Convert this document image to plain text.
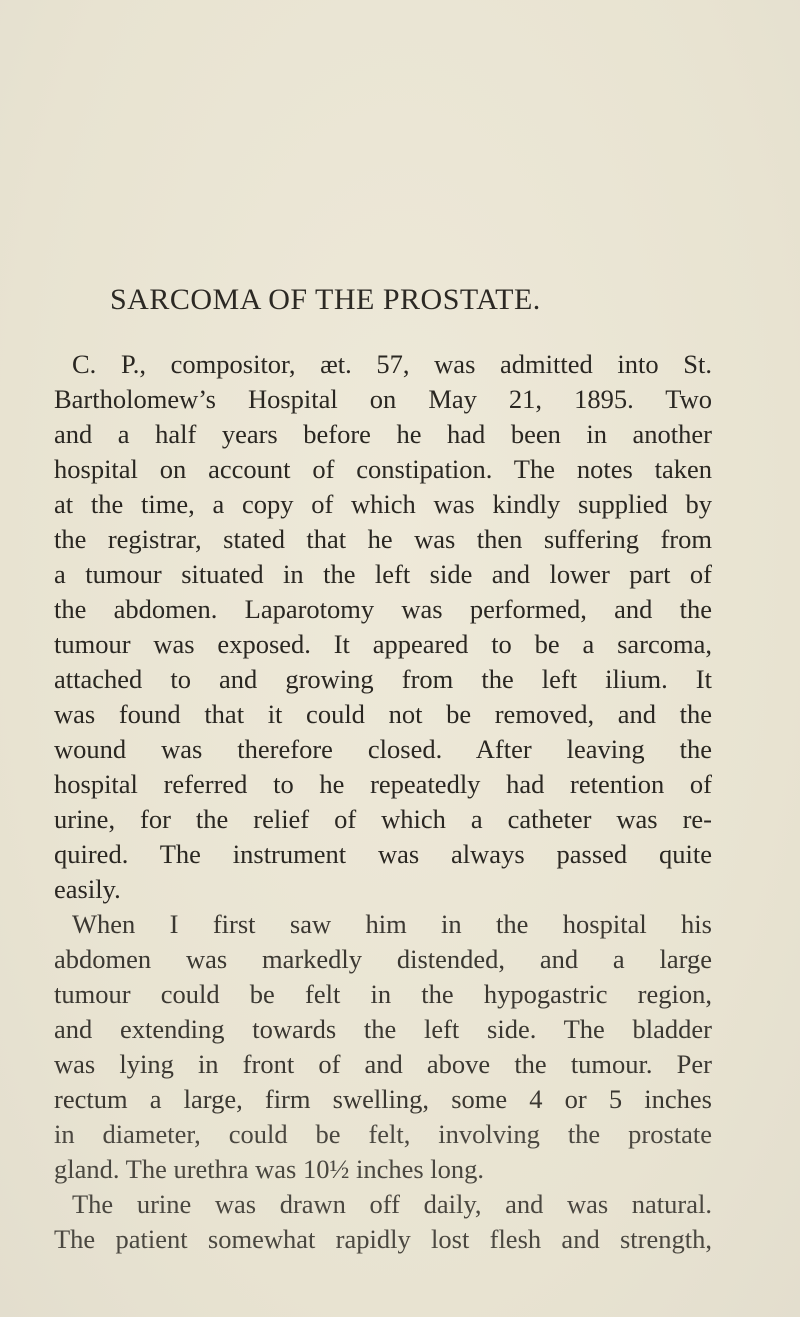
SARCOMA OF THE PROSTATE.
C. P., compositor, æt. 57, was admitted into St.
Bartholomew’s Hospital on May 21, 1895. Two
and a half years before he had been in another
hospital on account of constipation. The notes taken
at the time, a copy of which was kindly supplied by
the registrar, stated that he was then suffering from
a tumour situated in the left side and lower part of
the abdomen. Laparotomy was performed, and the
tumour was exposed. It appeared to be a sarcoma,
attached to and growing from the left ilium. It
was found that it could not be removed, and the
wound was therefore closed. After leaving the
hospital referred to he repeatedly had retention of
urine, for the relief of which a catheter was re-
quired. The instrument was always passed quite
easily.
When I first saw him in the hospital his
abdomen was markedly distended, and a large
tumour could be felt in the hypogastric region,
and extending towards the left side. The bladder
was lying in front of and above the tumour. Per
rectum a large, firm swelling, some 4 or 5 inches
in diameter, could be felt, involving the prostate
gland. The urethra was 10½ inches long.
The urine was drawn off daily, and was natural.
The patient somewhat rapidly lost flesh and strength,
